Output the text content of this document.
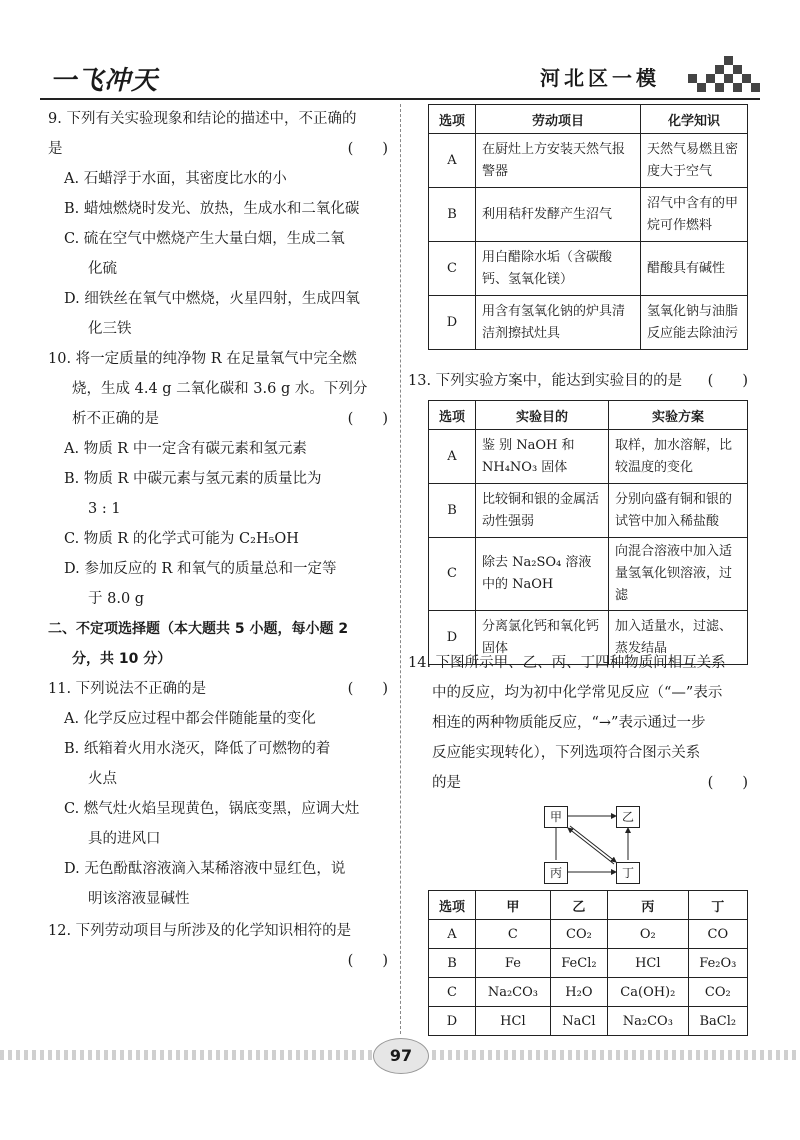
一飞冲天	河北区一模
9. 下列有关实验现象和结论的描述中，不正确的
是	(　　)
A. 石蜡浮于水面，其密度比水的小
B. 蜡烛燃烧时发光、放热，生成水和二氧化碳
C. 硫在空气中燃烧产生大量白烟，生成二氧
化硫
D. 细铁丝在氧气中燃烧，火星四射，生成四氧
化三铁
10. 将一定质量的纯净物 R 在足量氧气中完全燃
烧，生成 4.4 g 二氧化碳和 3.6 g 水。下列分
析不正确的是	(　　)
A. 物质 R 中一定含有碳元素和氢元素
B. 物质 R 中碳元素与氢元素的质量比为
3 : 1
C. 物质 R 的化学式可能为 C₂H₅OH
D. 参加反应的 R 和氧气的质量总和一定等
于 8.0 g
二、不定项选择题（本大题共 5 小题，每小题 2
分，共 10 分）
11. 下列说法不正确的是	(　　)
A. 化学反应过程中都会伴随能量的变化
B. 纸箱着火用水浇灭，降低了可燃物的着
火点
C. 燃气灶火焰呈现黄色，锅底变黑，应调大灶
具的进风口
D. 无色酚酞溶液滴入某稀溶液中显红色，说
明该溶液显碱性
12. 下列劳动项目与所涉及的化学知识相符的是
(　　)
选项	劳动项目	化学知识
A	在厨灶上方安装天然气报警器	天然气易燃且密度大于空气
B	利用秸秆发酵产生沼气	沼气中含有的甲烷可作燃料
C	用白醋除水垢（含碳酸钙、氢氧化镁）	醋酸具有碱性
D	用含有氢氧化钠的炉具清洁剂擦拭灶具	氢氧化钠与油脂反应能去除油污
13. 下列实验方案中，能达到实验目的的是 (　　)
选项	实验目的	实验方案
A	鉴 别 NaOH 和 NH₄NO₃ 固体	取样，加水溶解，比较温度的变化
B	比较铜和银的金属活动性强弱	分别向盛有铜和银的试管中加入稀盐酸
C	除去 Na₂SO₄ 溶液中的 NaOH	向混合溶液中加入适量氢氧化钡溶液，过滤
D	分离氯化钙和氧化钙固体	加入适量水，过滤、蒸发结晶
14. 下图所示甲、乙、丙、丁四种物质间相互关系
中的反应，均为初中化学常见反应（“—”表示
相连的两种物质能反应，“→”表示通过一步
反应能实现转化），下列选项符合图示关系
的是	(　　)
选项	甲	乙	丙	丁
A	C	CO₂	O₂	CO
B	Fe	FeCl₂	HCl	Fe₂O₃
C	Na₂CO₃	H₂O	Ca(OH)₂	CO₂
D	HCl	NaCl	Na₂CO₃	BaCl₂
甲	乙
丙	丁
97
